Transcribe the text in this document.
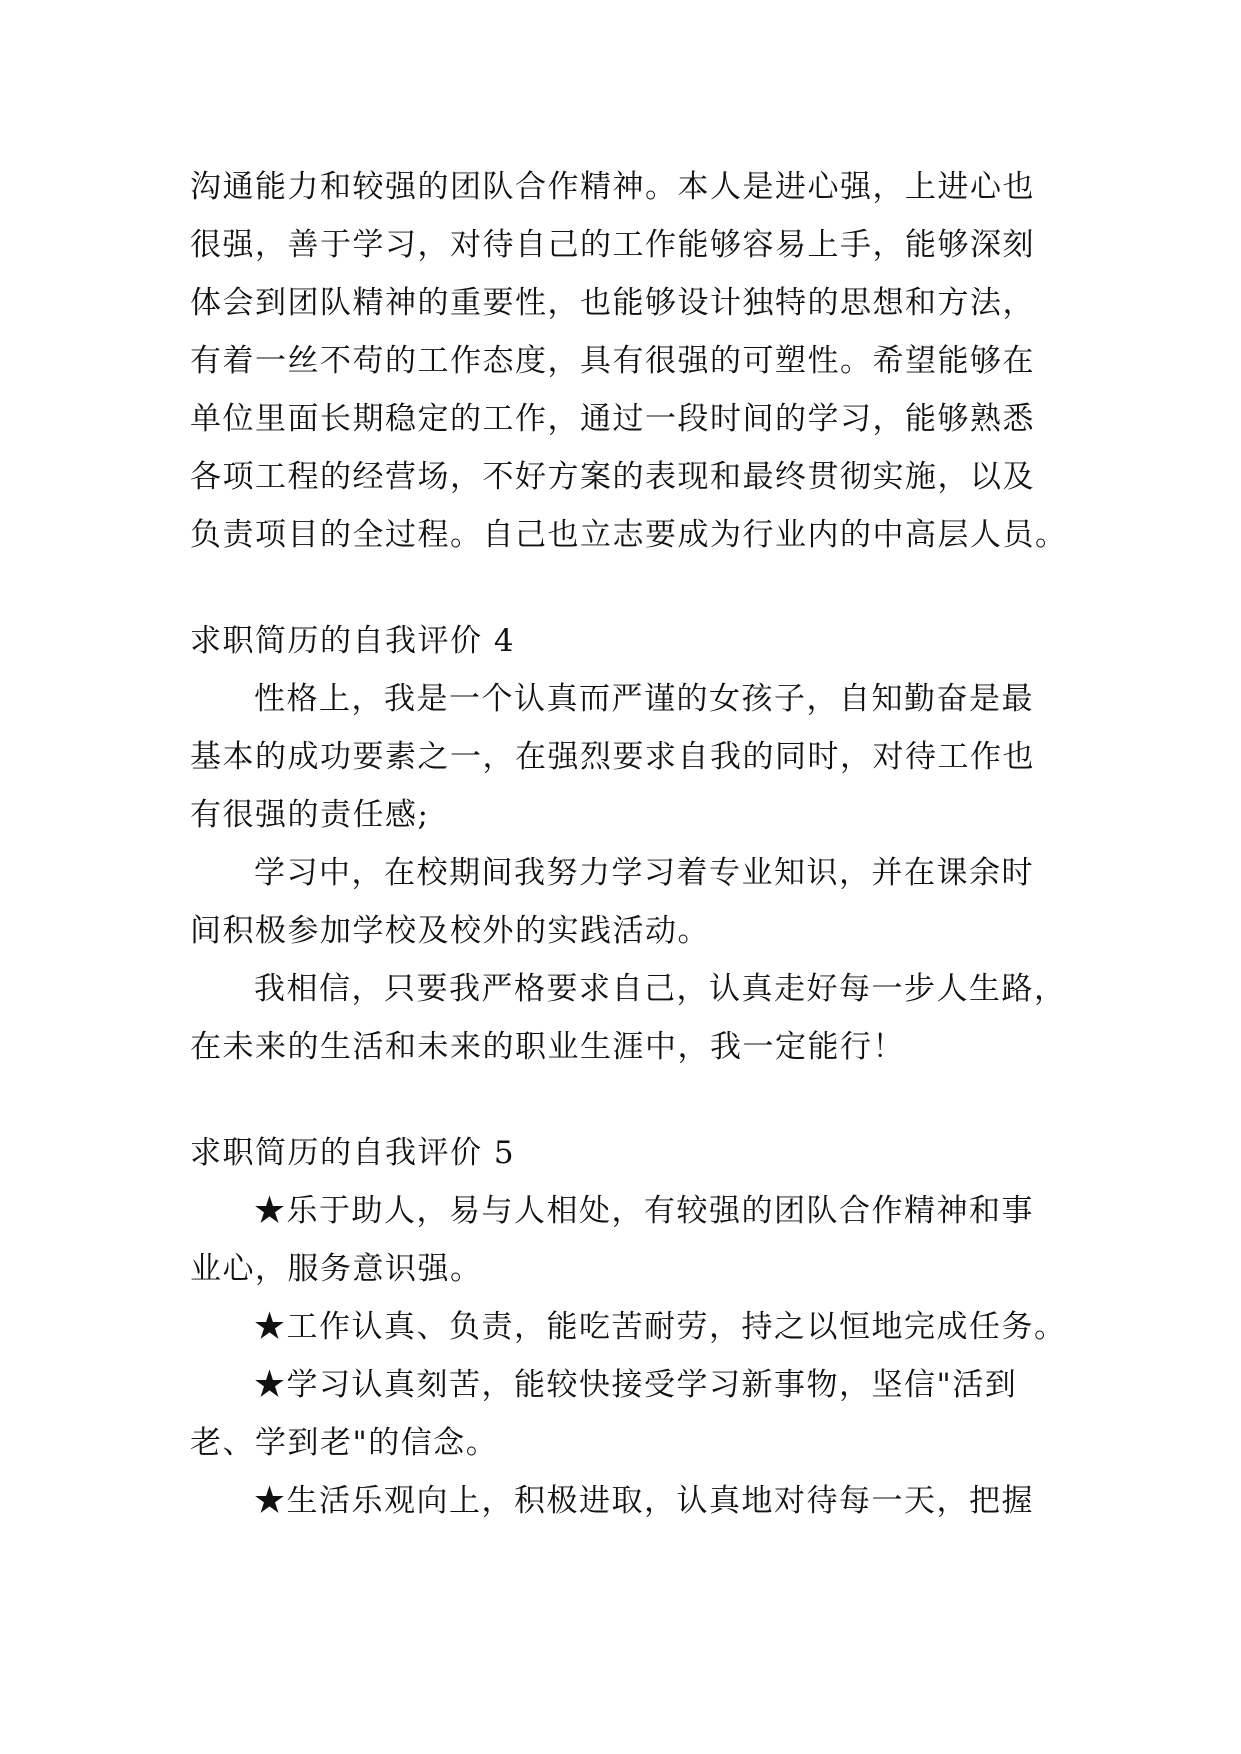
沟通能力和较强的团队合作精神。本人是进心强，上进心也
很强，善于学习，对待自己的工作能够容易上手，能够深刻
体会到团队精神的重要性，也能够设计独特的思想和方法，
有着一丝不苟的工作态度，具有很强的可塑性。希望能够在
单位里面长期稳定的工作，通过一段时间的学习，能够熟悉
各项工程的经营场，不好方案的表现和最终贯彻实施，以及
负责项目的全过程。自己也立志要成为行业内的中高层人员。
求职简历的自我评价 4
性格上，我是一个认真而严谨的女孩子，自知勤奋是最
基本的成功要素之一，在强烈要求自我的同时，对待工作也
有很强的责任感;
学习中，在校期间我努力学习着专业知识，并在课余时
间积极参加学校及校外的实践活动。
我相信，只要我严格要求自己，认真走好每一步人生路，
在未来的生活和未来的职业生涯中，我一定能行！
求职简历的自我评价 5
★乐于助人，易与人相处，有较强的团队合作精神和事
业心，服务意识强。
★工作认真、负责，能吃苦耐劳，持之以恒地完成任务。
★学习认真刻苦，能较快接受学习新事物，坚信"活到
老、学到老"的信念。
★生活乐观向上，积极进取，认真地对待每一天，把握
